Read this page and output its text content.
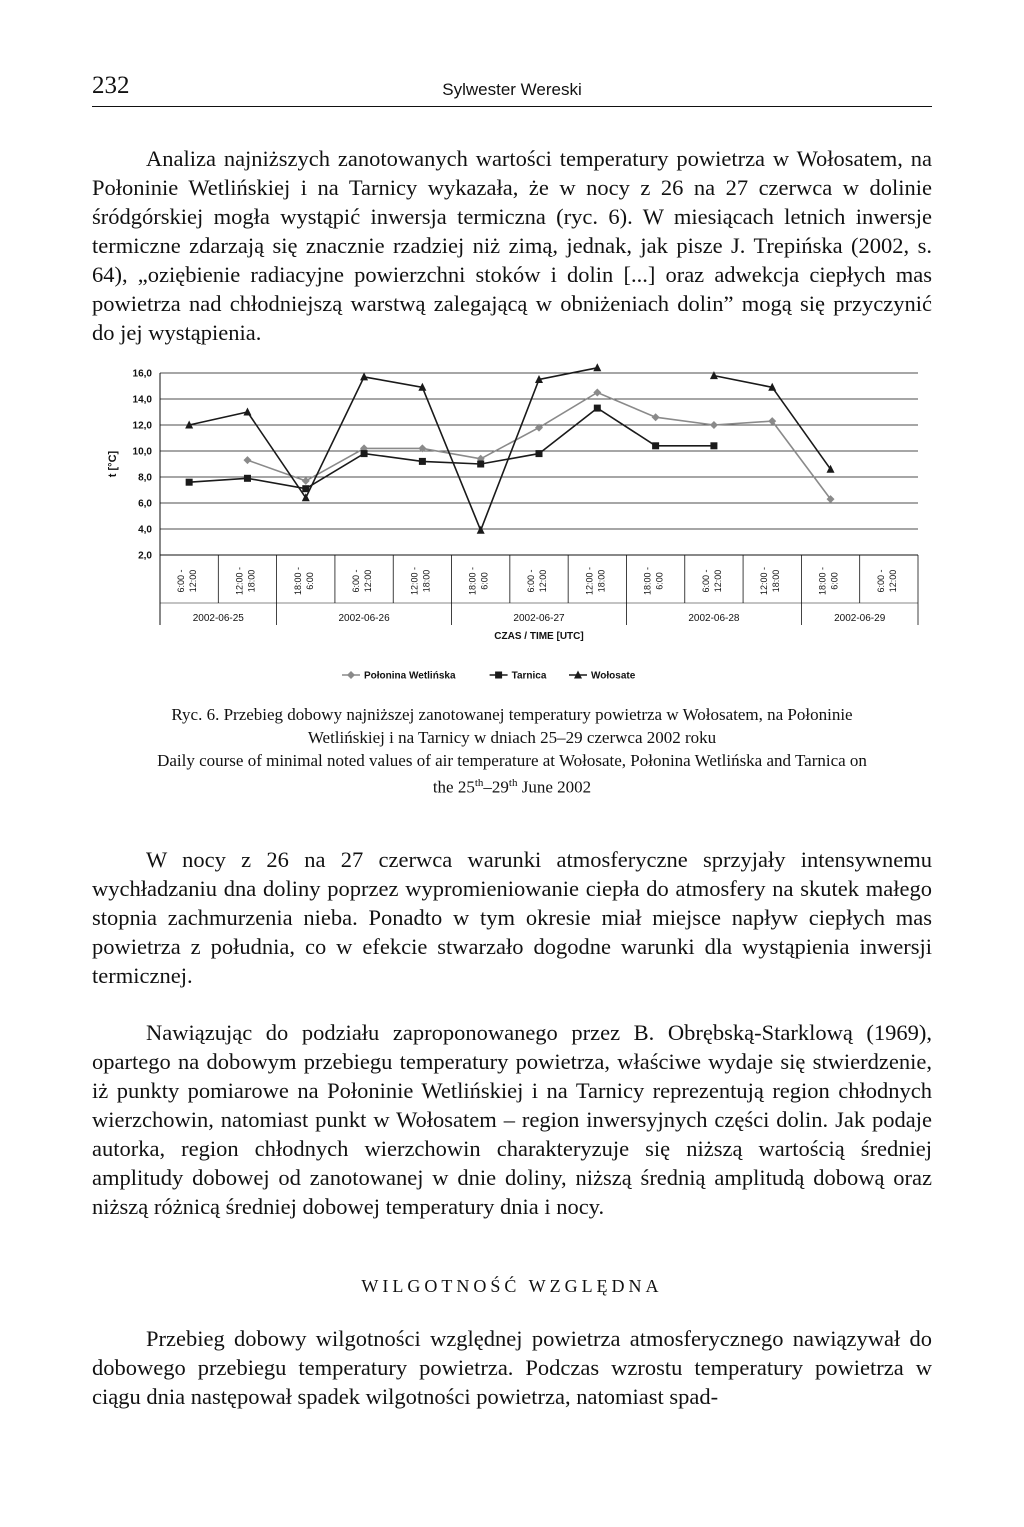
232	Sylwester Wereski

Analiza najniższych zanotowanych wartości temperatury powietrza w Wołosatem, na Połoninie Wetlińskiej i na Tarnicy wykazała, że w nocy z 26 na 27 czerwca w dolinie śródgórskiej mogła wystąpić inwersja termiczna (ryc. 6). W miesiącach letnich inwersje termiczne zdarzają się znacznie rzadziej niż zimą, jednak, jak pisze J. Trepińska (2002, s. 64), „oziębienie radiacyjne powierzchni stoków i dolin [...] oraz adwekcja ciepłych mas powietrza nad chłodniejszą warstwą zalegającą w obniżeniach dolin” mogą się przyczynić do jej wystąpienia.

16,0
14,0
12,0
10,0
8,0
6,0
4,0
2,0
t [°C]
6:00 - 12:00	12:00 - 18:00	18:00 - 6:00	6:00 - 12:00	12:00 - 18:00	18:00 - 6:00	6:00 - 12:00	12:00 - 18:00	18:00 - 6:00	6:00 - 12:00	12:00 - 18:00	18:00 - 6:00	6:00 - 12:00
2002-06-25	2002-06-26	2002-06-27	2002-06-28	2002-06-29
CZAS / TIME [UTC]
Połonina Wetlińska	Tarnica	Wołosate

Ryc. 6. Przebieg dobowy najniższej zanotowanej temperatury powietrza w Wołosatem, na Połoninie

Wetlińskiej i na Tarnicy w dniach 25–29 czerwca 2002 roku

Daily course of minimal noted values of air temperature at Wołosate, Połonina Wetlińska and Tarnica on

the 25th–29th June 2002

W nocy z 26 na 27 czerwca warunki atmosferyczne sprzyjały intensywnemu wychładzaniu dna doliny poprzez wypromieniowanie ciepła do atmosfery na skutek małego stopnia zachmurzenia nieba. Ponadto w tym okresie miał miejsce napływ ciepłych mas powietrza z południa, co w efekcie stwarzało dogodne warunki dla wystąpienia inwersji termicznej.

Nawiązując do podziału zaproponowanego przez B. Obrębską-Starklową (1969), opartego na dobowym przebiegu temperatury powietrza, właściwe wydaje się stwierdzenie, iż punkty pomiarowe na Połoninie Wetlińskiej i na Tarnicy reprezentują region chłodnych wierzchowin, natomiast punkt w Wołosatem – region inwersyjnych części dolin. Jak podaje autorka, region chłodnych wierzchowin charakteryzuje się niższą wartością średniej amplitudy dobowej od zanotowanej w dnie doliny, niższą średnią amplitudą dobową oraz niższą różnicą średniej dobowej temperatury dnia i nocy.

WILGOTNOŚĆ WZGLĘDNA

Przebieg dobowy wilgotności względnej powietrza atmosferycznego nawiązywał do dobowego przebiegu temperatury powietrza. Podczas wzrostu temperatury powietrza w ciągu dnia następował spadek wilgotności powietrza, natomiast spad-
